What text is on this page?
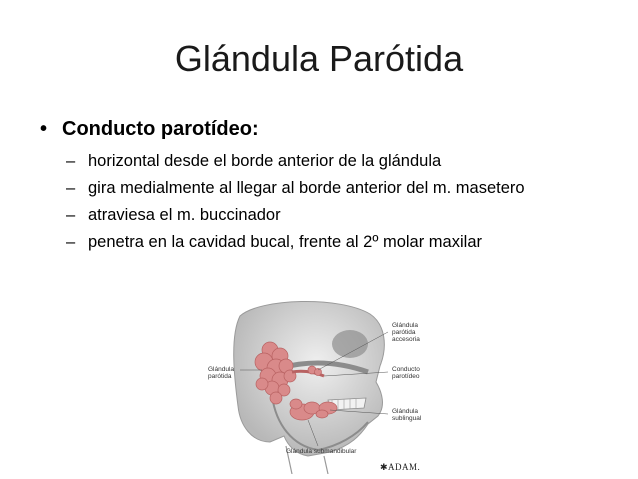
Glándula Parótida
• Conducto parotídeo:
– horizontal desde el borde anterior de la glándula
– gira medialmente al llegar al borde anterior del m. masetero
– atraviesa el m. buccinador
– penetra en la cavidad bucal, frente al 2º molar maxilar
Glándula
parótida
accesoria
Glándula
parótida
Conducto
parotídeo
Glándula
sublingual
Glándula submandibular
✱ADAM.
